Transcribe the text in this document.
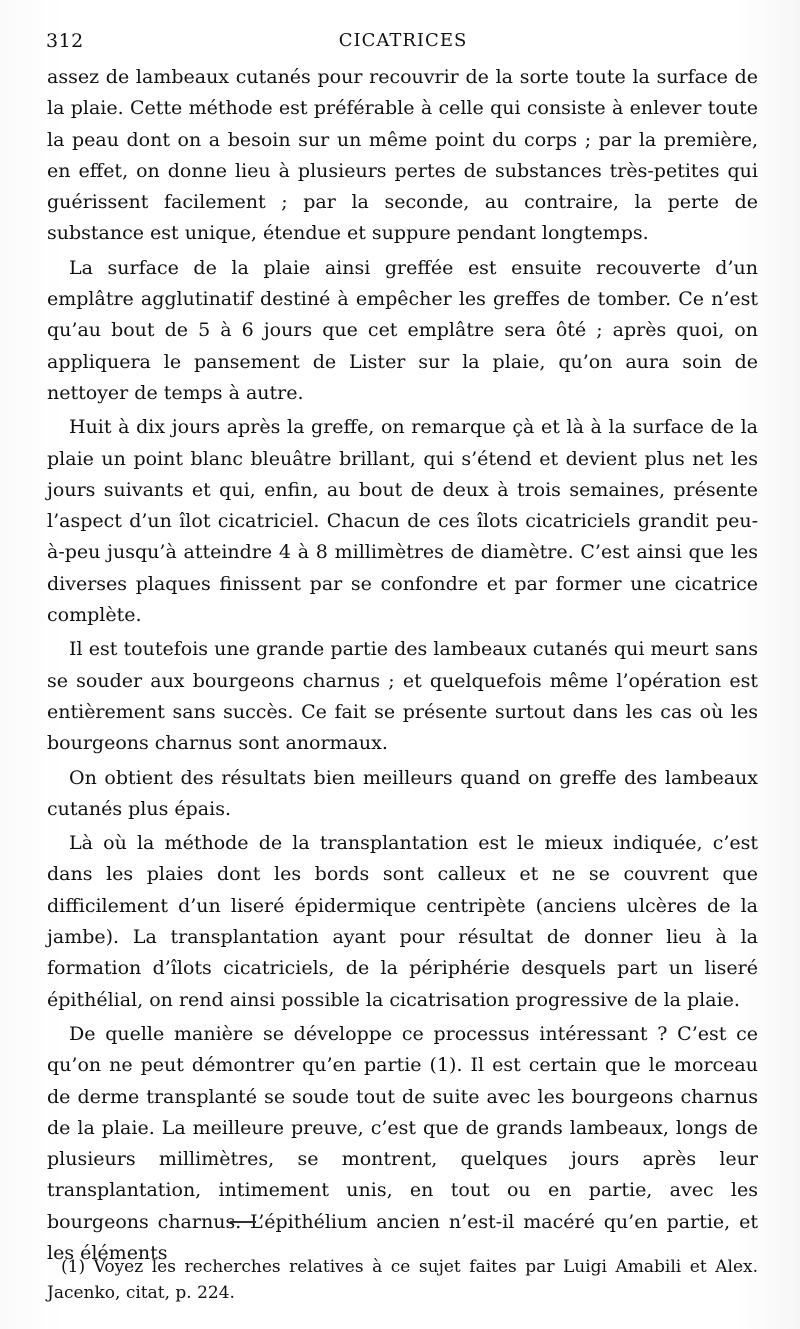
312	CICATRICES

assez de lambeaux cutanés pour recouvrir de la sorte toute la surface de la plaie. Cette méthode est préférable à celle qui consiste à enlever toute la peau dont on a besoin sur un même point du corps ; par la première, en effet, on donne lieu à plusieurs pertes de substances très-petites qui guérissent facilement ; par la seconde, au contraire, la perte de substance est unique, étendue et suppure pendant longtemps.

La surface de la plaie ainsi greffée est ensuite recouverte d’un emplâtre agglutinatif destiné à empêcher les greffes de tomber. Ce n’est qu’au bout de 5 à 6 jours que cet emplâtre sera ôté ; après quoi, on appliquera le pansement de Lister sur la plaie, qu’on aura soin de nettoyer de temps à autre.

Huit à dix jours après la greffe, on remarque çà et là à la surface de la plaie un point blanc bleuâtre brillant, qui s’étend et devient plus net les jours suivants et qui, enfin, au bout de deux à trois semaines, présente l’aspect d’un îlot cicatriciel. Chacun de ces îlots cicatriciels grandit peu-à-peu jusqu’à atteindre 4 à 8 millimètres de diamètre. C’est ainsi que les diverses plaques finissent par se confondre et par former une cicatrice complète.

Il est toutefois une grande partie des lambeaux cutanés qui meurt sans se souder aux bourgeons charnus ; et quelquefois même l’opération est entièrement sans succès. Ce fait se présente surtout dans les cas où les bourgeons charnus sont anormaux.

On obtient des résultats bien meilleurs quand on greffe des lambeaux cutanés plus épais.

Là où la méthode de la transplantation est le mieux indiquée, c’est dans les plaies dont les bords sont calleux et ne se couvrent que difficilement d’un liseré épidermique centripète (anciens ulcères de la jambe). La transplantation ayant pour résultat de donner lieu à la formation d’îlots cicatriciels, de la périphérie desquels part un liseré épithélial, on rend ainsi possible la cicatrisation progressive de la plaie.

De quelle manière se développe ce processus intéressant ? C’est ce qu’on ne peut démontrer qu’en partie (1). Il est certain que le morceau de derme transplanté se soude tout de suite avec les bourgeons charnus de la plaie. La meilleure preuve, c’est que de grands lambeaux, longs de plusieurs millimètres, se montrent, quelques jours après leur transplantation, intimement unis, en tout ou en partie, avec les bourgeons charnus. L’épithélium ancien n’est-il macéré qu’en partie, et les éléments

(1) Voyez les recherches relatives à ce sujet faites par Luigi Amabili et Alex. Jacenko, citat, p. 224.
